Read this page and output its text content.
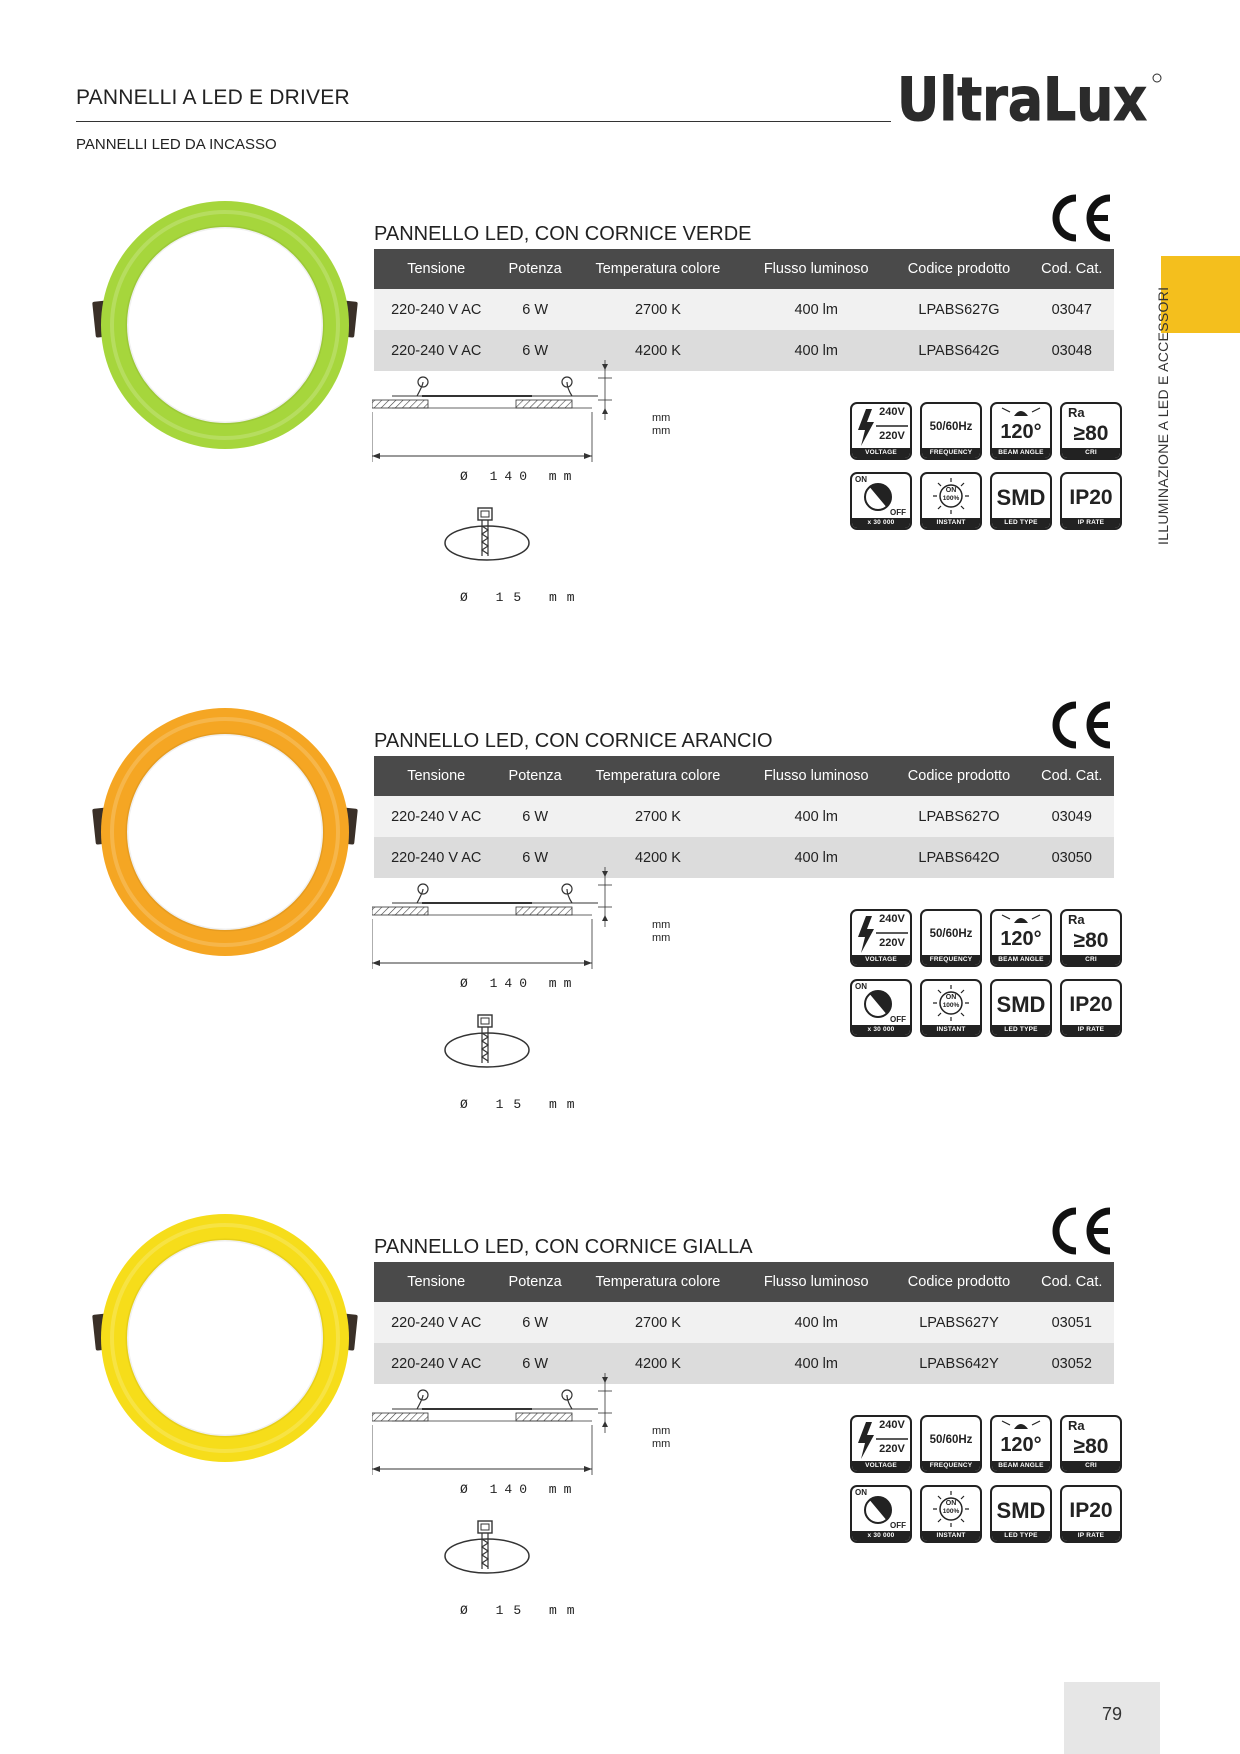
PANNELLI A LED E DRIVER
PANNELLI LED DA INCASSO
UltraLux
ILLUMINAZIONE A LED E ACCESSORI
PANNELLO LED, CON CORNICE VERDE
Tensione	Potenza	Temperatura colore	Flusso luminoso	Codice prodotto	Cod. Cat.
220-240 V AC	6 W	2700 K	400 lm	LPABS627G	03047
220-240 V AC	6 W	4200 K	400 lm	LPABS642G	03048
mm
mm
Ø 140 mm
Ø 15 mm
240V
220V
VOLTAGE
50/60Hz
FREQUENCY
120°
BEAM ANGLE
Ra
≥80
CRI
ON
OFF
x 30 000
ON
100%
INSTANT
SMD
LED TYPE
IP20
IP RATE
PANNELLO LED, CON CORNICE ARANCIO
Tensione	Potenza	Temperatura colore	Flusso luminoso	Codice prodotto	Cod. Cat.
220-240 V AC	6 W	2700 K	400 lm	LPABS627O	03049
220-240 V AC	6 W	4200 K	400 lm	LPABS642O	03050
mm
mm
Ø 140 mm
Ø 15 mm
240V
220V
VOLTAGE
50/60Hz
FREQUENCY
120°
BEAM ANGLE
Ra
≥80
CRI
ON
OFF
x 30 000
ON
100%
INSTANT
SMD
LED TYPE
IP20
IP RATE
PANNELLO LED, CON CORNICE GIALLA
Tensione	Potenza	Temperatura colore	Flusso luminoso	Codice prodotto	Cod. Cat.
220-240 V AC	6 W	2700 K	400 lm	LPABS627Y	03051
220-240 V AC	6 W	4200 K	400 lm	LPABS642Y	03052
mm
mm
Ø 140 mm
Ø 15 mm
240V
220V
VOLTAGE
50/60Hz
FREQUENCY
120°
BEAM ANGLE
Ra
≥80
CRI
ON
OFF
x 30 000
ON
100%
INSTANT
SMD
LED TYPE
IP20
IP RATE
79
